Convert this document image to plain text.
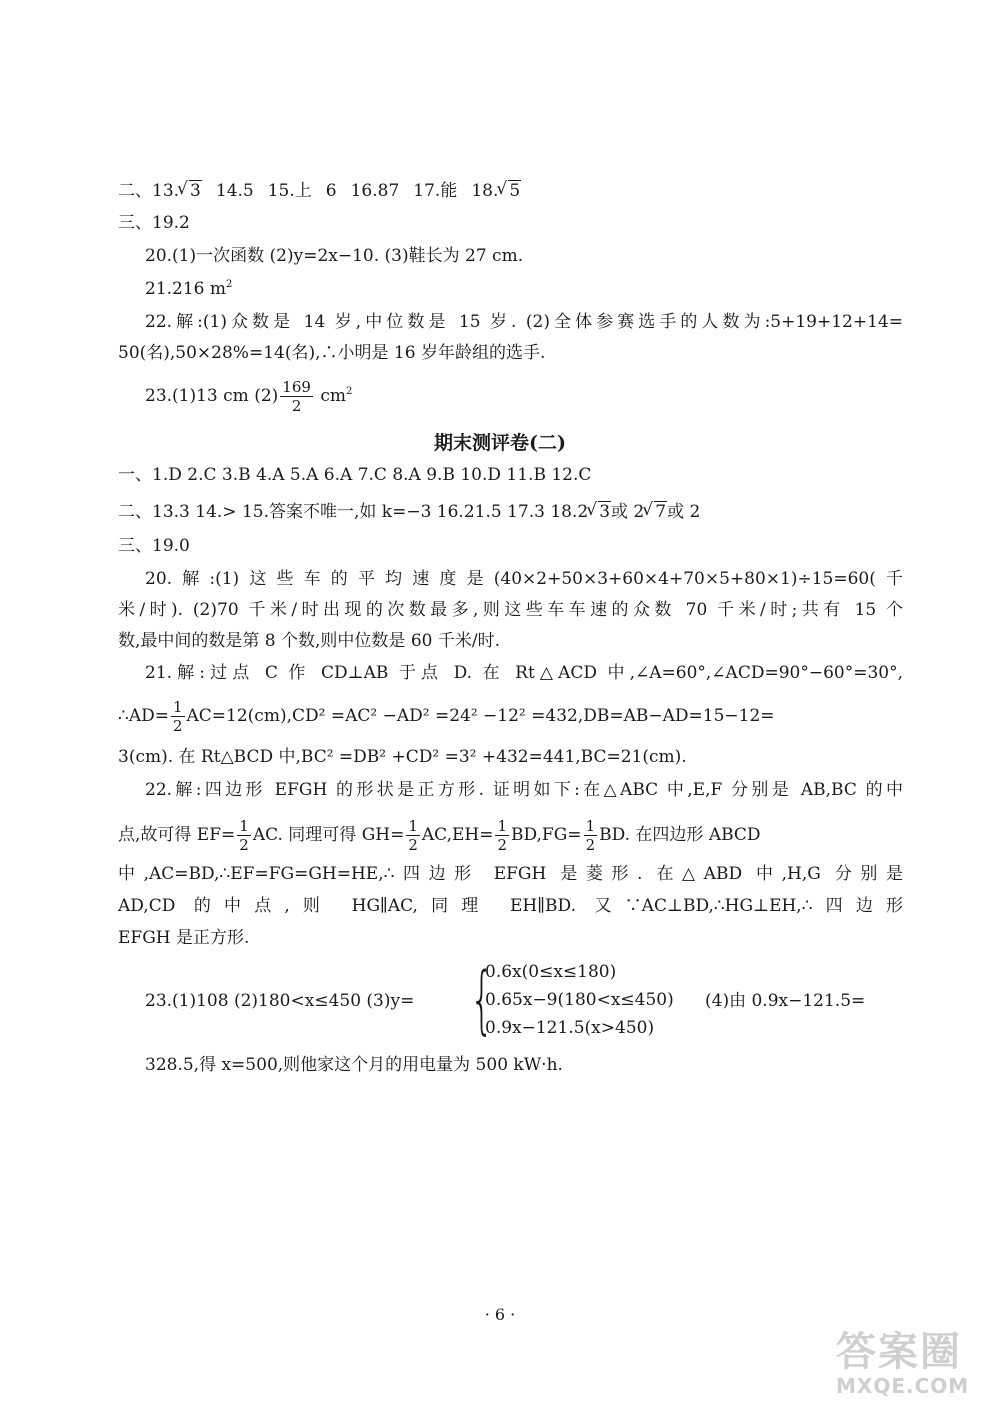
二、13. √ 3 14.5 15.上 6 16.87 17.能 18. √ 5
三、19.2
20.(1)一次函数 (2)y=2x−10. (3)鞋长为 27 cm.
21.216 $m^2$
22.解:(1)众数是 14 岁,中位数是 15 岁. (2)全体参赛选手的人数为:5+19+12+14=
50(名),50×28%=14(名),∴小明是 16 岁年龄组的选手.
23.(1)13 cm $(2) \frac{169}{2} cm^2$
期末测评卷(二)
一、1.D 2.C 3.B 4.A 5.A 6.A 7.C 8.A 9.B 10.D 11.B 12.C
二、13.3 14.> 15.答案不唯一,如 k=−3 16.21.5 17.3 18.2 √ 3或 2 √ 7或 2
三、19.0
20.解:(1)这些车的平均速度是(40×2+50×3+60×4+70×5+80×1)÷15=60(千
米/时). (2)70 千米/时出现的次数最多,则这些车车速的众数 70 千米/时;共有 15 个
数,最中间的数是第 8 个数,则中位数是 60 千米/时.
21.解:过点 C 作 CD⊥AB 于点 D. 在 Rt△ACD 中,∠A=60°,∠ACD=90°−60°=30°,
∴AD= $\frac{1}{2} AC=12(cm),CD^2 =AC^2 -AD^2 =24^2 -12^2 =432,DB=AB-AD=15-12=$
3(cm). 在 Rt△BCD 中,BC² =DB² +CD² =3² +432=441,BC=21(cm).
22.解:四边形 EFGH 的形状是正方形. 证明如下:在△ABC 中,E,F 分别是 AB,BC 的中
点,故可得 $EF= \frac{1}{2}$ AC. 同理可得 $GH= \frac{1}{2} AC,EH= \frac{1}{2} BD,FG= \frac{1}{2}$ BD. 在四边形 ABCD
中,AC=BD,∴EF=FG=GH=HE,∴四边形 EFGH 是菱形. 在△ABD 中,H,G 分别是
AD,CD 的中点,则 HG∥AC,同理 EH∥BD. 又∵AC⊥BD,∴HG⊥EH,∴四边形
EFGH 是正方形.
23.(1)108 (2)180<x≤450 (3)y= {
0.6x(0≤x≤180)
0.65x−9(180<x≤450)
0.9x−121.5(x>450)
(4)由 0.9x−121.5=
328.5,得 x=500,则他家这个月的用电量为 500 kW·h.
· 6 ·
答案圈
MXQE.COM
